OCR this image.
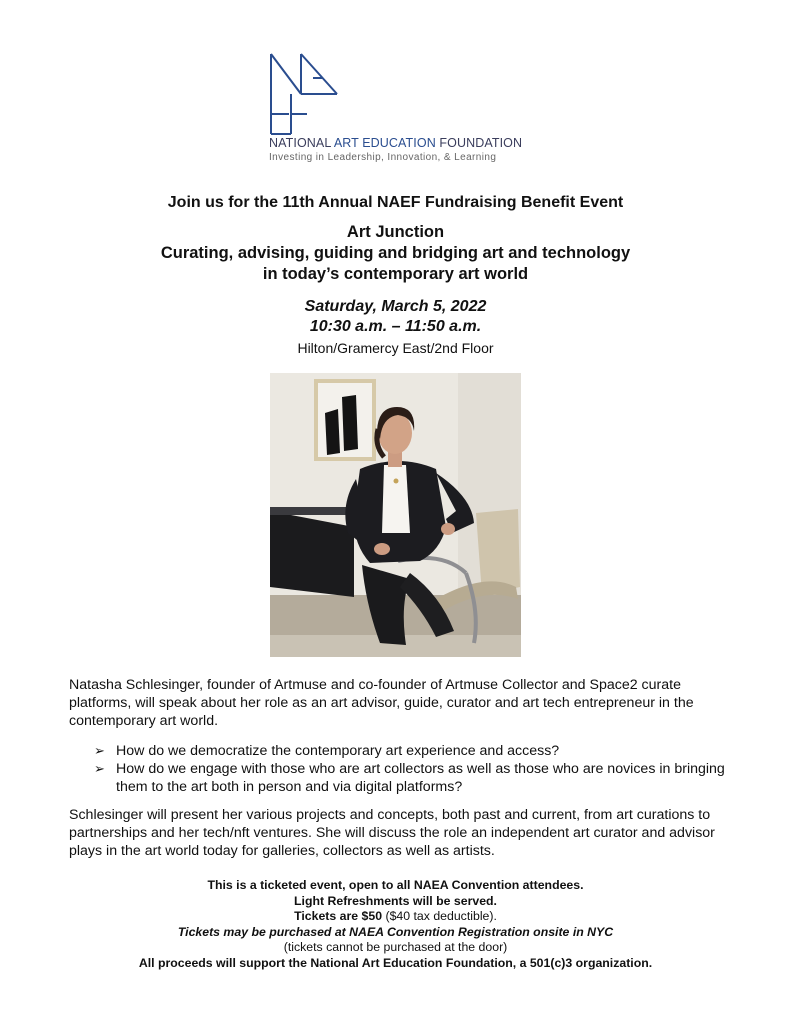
NATIONAL ART EDUCATION FOUNDATION
Investing in Leadership, Innovation, & Learning
Join us for the 11th Annual NAEF Fundraising Benefit Event
Art Junction
Curating, advising, guiding and bridging art and technology
in today’s contemporary art world
Saturday, March 5, 2022
10:30 a.m. – 11:50 a.m.
Hilton/Gramercy East/2nd Floor
Natasha Schlesinger, founder of Artmuse and co-founder of Artmuse Collector and Space2 curate platforms, will speak about her role as an art advisor, guide, curator and art tech entrepreneur in the contemporary art world.
➢ How do we democratize the contemporary art experience and access?
➢ How do we engage with those who are art collectors as well as those who are novices in bringing them to the art both in person and via digital platforms?
Schlesinger will present her various projects and concepts, both past and current, from art curations to partnerships and her tech/nft ventures. She will discuss the role an independent art curator and advisor plays in the art world today for galleries, collectors as well as artists.
This is a ticketed event, open to all NAEA Convention attendees.
Light Refreshments will be served.
Tickets are $50 ($40 tax deductible).
Tickets may be purchased at NAEA Convention Registration onsite in NYC
(tickets cannot be purchased at the door)
All proceeds will support the National Art Education Foundation, a 501(c)3 organization.
